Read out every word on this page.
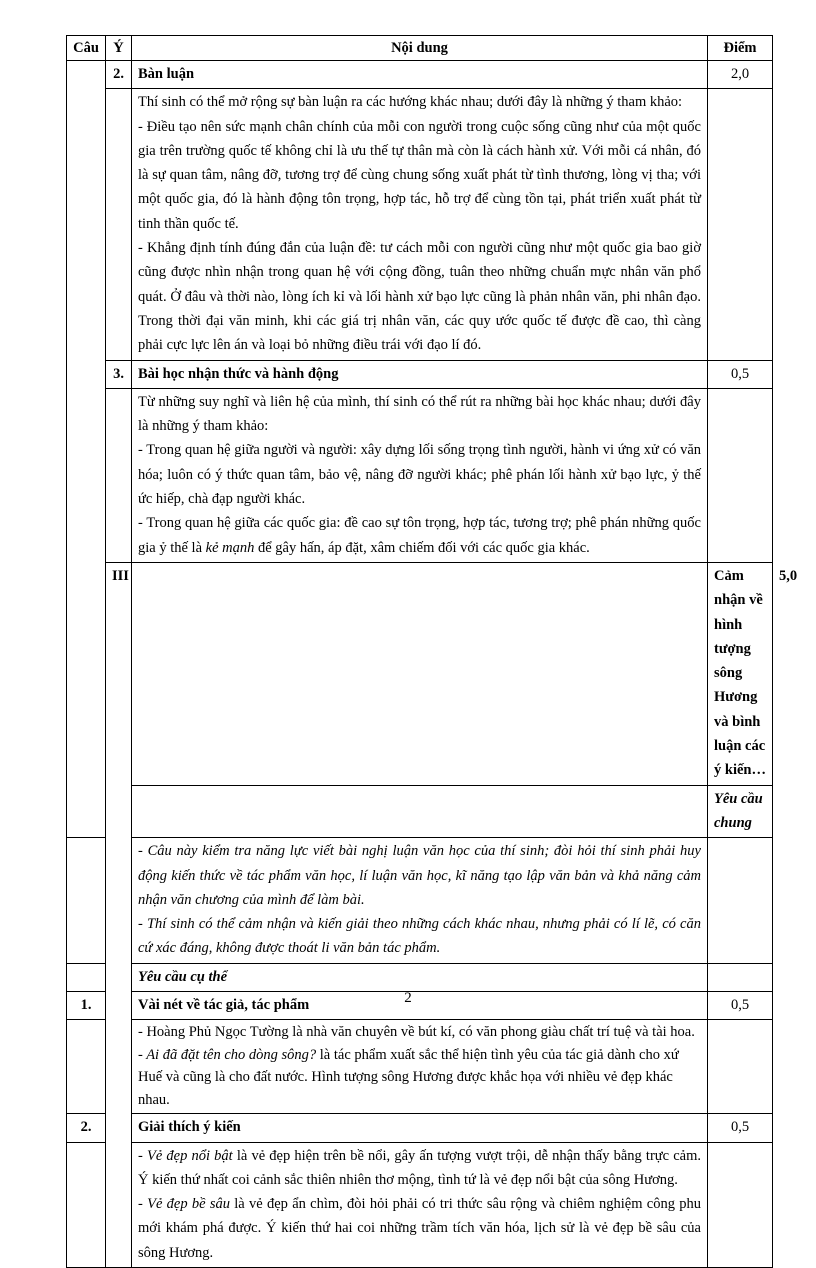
Câu	Ý	Nội dung	Điểm	
	2.	Bàn luận	2,0	

		Thí sinh có thể mở rộng sự bàn luận ra các hướng khác nhau; dưới đây là những ý tham khảo:

- Điều tạo nên sức mạnh chân chính của mỗi con người trong cuộc sống cũng như của một quốc gia trên trường quốc tế không chỉ là ưu thế tự thân mà còn là cách hành xử. Với mỗi cá nhân, đó là sự quan tâm, nâng đỡ, tương trợ để cùng chung sống xuất phát từ tình thương, lòng vị tha; với một quốc gia, đó là hành động tôn trọng, hợp tác, hỗ trợ để cùng tồn tại, phát triển xuất phát từ tinh thần quốc tế.

- Khẳng định tính đúng đắn của luận đề: tư cách mỗi con người cũng như một quốc gia bao giờ cũng được nhìn nhận trong quan hệ với cộng đồng, tuân theo những chuẩn mực nhân văn phổ quát. Ở đâu và thời nào, lòng ích kỉ và lối hành xử bạo lực cũng là phản nhân văn, phi nhân đạo. Trong thời đại văn minh, khi các giá trị nhân văn, các quy ước quốc tế được đề cao, thì càng phải cực lực lên án và loại bỏ những điều trái với đạo lí đó.		

	3.	Bài học nhận thức và hành động	0,5	

		Từ những suy nghĩ và liên hệ của mình, thí sinh có thể rút ra những bài học khác nhau; dưới đây là những ý tham khảo:

- Trong quan hệ giữa người và người: xây dựng lối sống trọng tình người, hành vi ứng xử có văn hóa; luôn có ý thức quan tâm, bảo vệ, nâng đỡ người khác; phê phán lối hành xử bạo lực, ỷ thế ức hiếp, chà đạp người khác.

- Trong quan hệ giữa các quốc gia: đề cao sự tôn trọng, hợp tác, tương trợ; phê phán những quốc gia ỷ thế là kẻ mạnh để gây hấn, áp đặt, xâm chiếm đối với các quốc gia khác.		

	III		Cảm nhận về hình tượng sông Hương và bình luận các ý kiến…	5,0
			Yêu cầu chung	

		- Câu này kiểm tra năng lực viết bài nghị luận văn học của thí sinh; đòi hỏi thí sinh phải huy động kiến thức về tác phẩm văn học, lí luận văn học, kĩ năng tạo lập văn bản và khả năng cảm nhận văn chương của mình để làm bài.

- Thí sinh có thể cảm nhận và kiến giải theo những cách khác nhau, nhưng phải có lí lẽ, có căn cứ xác đáng, không được thoát li văn bản tác phẩm.		

		Yêu cầu cụ thể		
1.		Vài nét về tác giả, tác phẩm	0,5	

		- Hoàng Phủ Ngọc Tường là nhà văn chuyên về bút kí, có văn phong giàu chất trí tuệ và tài hoa.

- Ai đã đặt tên cho dòng sông? là tác phẩm xuất sắc thể hiện tình yêu của tác giả dành cho xứ Huế và cũng là cho đất nước. Hình tượng sông Hương được khắc họa với nhiều vẻ đẹp khác nhau.		

2.		Giải thích ý kiến	0,5	

		- Vẻ đẹp nổi bật là vẻ đẹp hiện trên bề nổi, gây ấn tượng vượt trội, dễ nhận thấy bằng trực cảm. Ý kiến thứ nhất coi cảnh sắc thiên nhiên thơ mộng, tình tứ là vẻ đẹp nổi bật của sông Hương.

- Vẻ đẹp bề sâu là vẻ đẹp ẩn chìm, đòi hỏi phải có tri thức sâu rộng và chiêm nghiệm công phu mới khám phá được. Ý kiến thứ hai coi những trầm tích văn hóa, lịch sử là vẻ đẹp bề sâu của sông Hương.		

2
